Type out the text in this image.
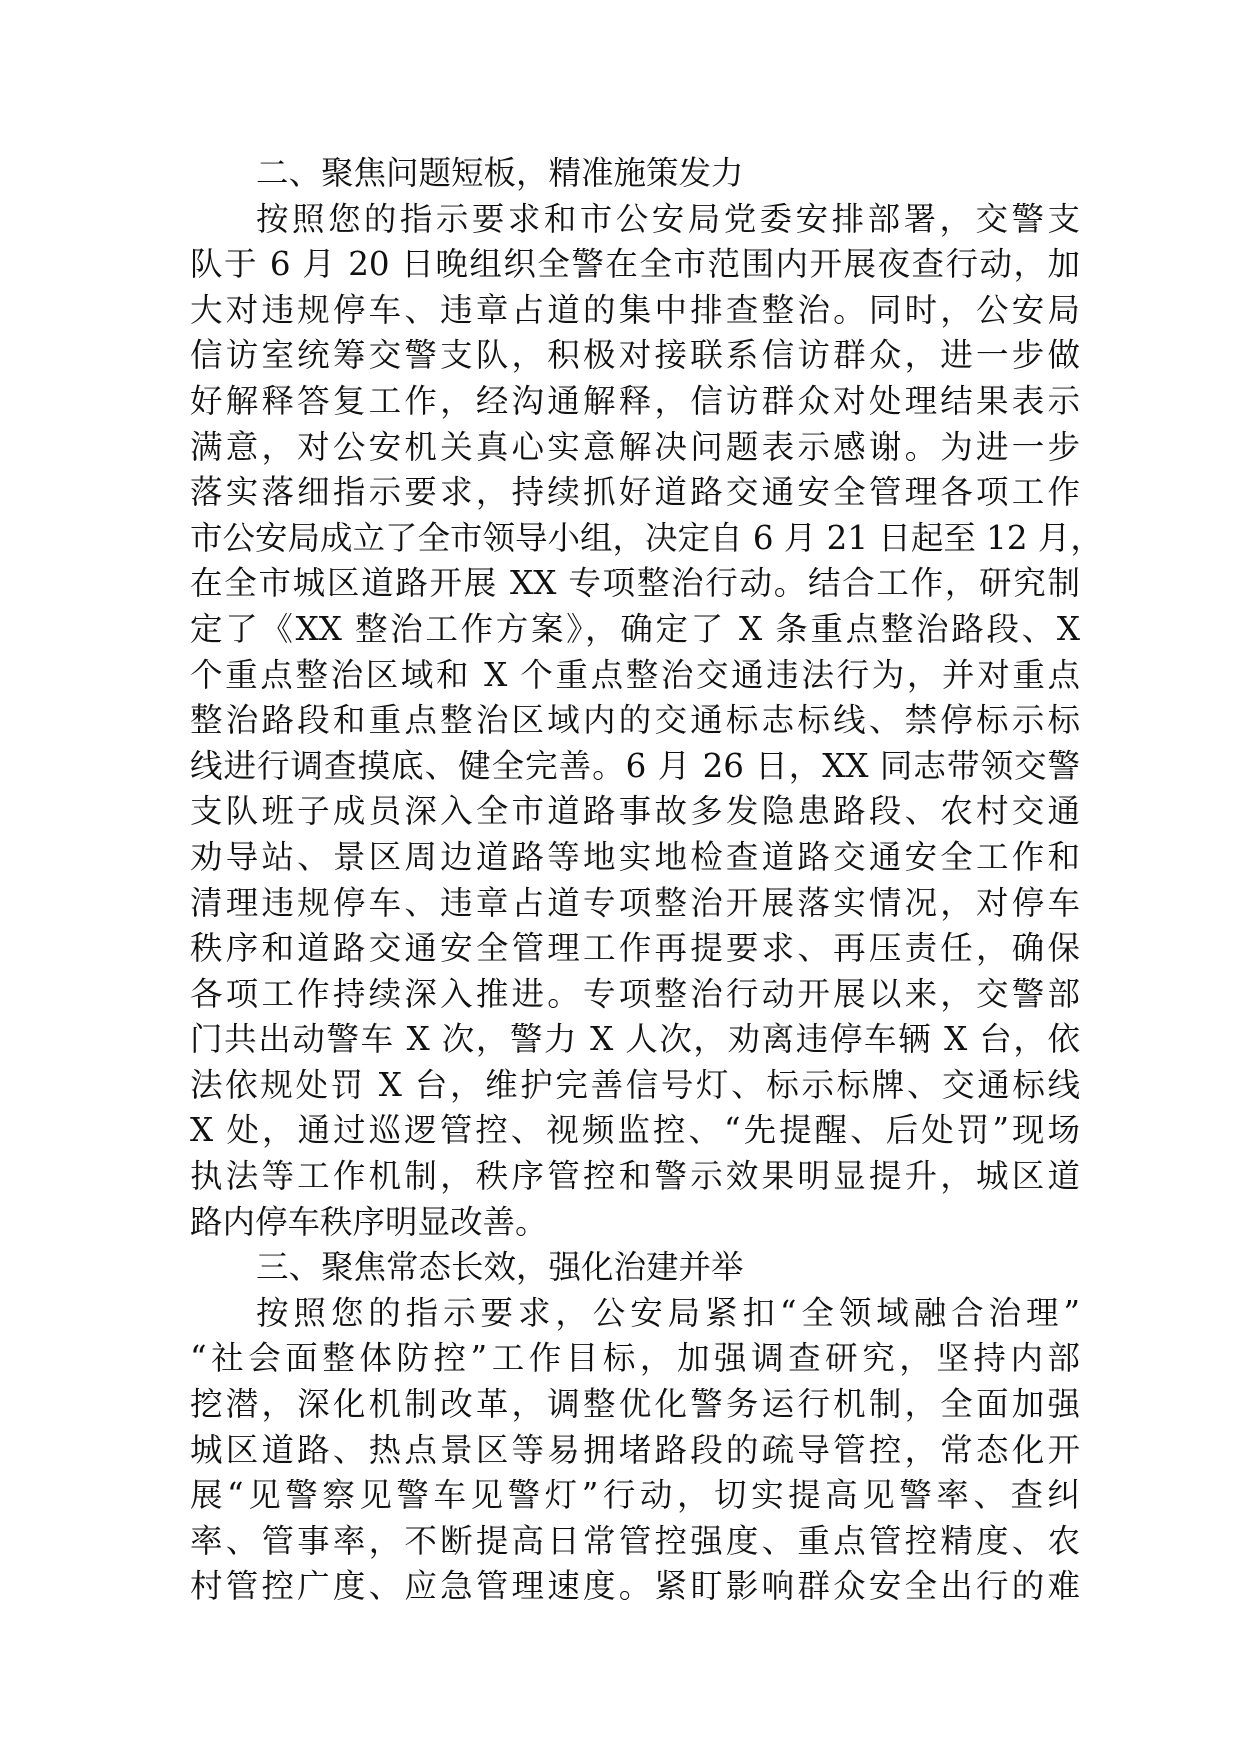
二、聚焦问题短板，精准施策发力
按照您的指示要求和市公安局党委安排部署，交警支
队于 6 月 20 日晚组织全警在全市范围内开展夜查行动，加
大对违规停车、违章占道的集中排查整治。同时，公安局
信访室统筹交警支队，积极对接联系信访群众，进一步做
好解释答复工作，经沟通解释，信访群众对处理结果表示
满意，对公安机关真心实意解决问题表示感谢。为进一步
落实落细指示要求，持续抓好道路交通安全管理各项工作
市公安局成立了全市领导小组，决定自 6 月 21 日起至 12 月，
在全市城区道路开展 XX 专项整治行动。结合工作，研究制
定了《XX 整治工作方案》，确定了 X 条重点整治路段、X
个重点整治区域和 X 个重点整治交通违法行为，并对重点
整治路段和重点整治区域内的交通标志标线、禁停标示标
线进行调查摸底、健全完善。6 月 26 日，XX 同志带领交警
支队班子成员深入全市道路事故多发隐患路段、农村交通
劝导站、景区周边道路等地实地检查道路交通安全工作和
清理违规停车、违章占道专项整治开展落实情况，对停车
秩序和道路交通安全管理工作再提要求、再压责任，确保
各项工作持续深入推进。专项整治行动开展以来，交警部
门共出动警车 X 次，警力 X 人次，劝离违停车辆 X 台，依
法依规处罚 X 台，维护完善信号灯、标示标牌、交通标线
X 处，通过巡逻管控、视频监控、“先提醒、后处罚”现场
执法等工作机制，秩序管控和警示效果明显提升，城区道
路内停车秩序明显改善。
三、聚焦常态长效，强化治建并举
按照您的指示要求，公安局紧扣“全领域融合治理”
“社会面整体防控”工作目标，加强调查研究，坚持内部
挖潜，深化机制改革，调整优化警务运行机制，全面加强
城区道路、热点景区等易拥堵路段的疏导管控，常态化开
展“见警察见警车见警灯”行动，切实提高见警率、查纠
率、管事率，不断提高日常管控强度、重点管控精度、农
村管控广度、应急管理速度。紧盯影响群众安全出行的难
